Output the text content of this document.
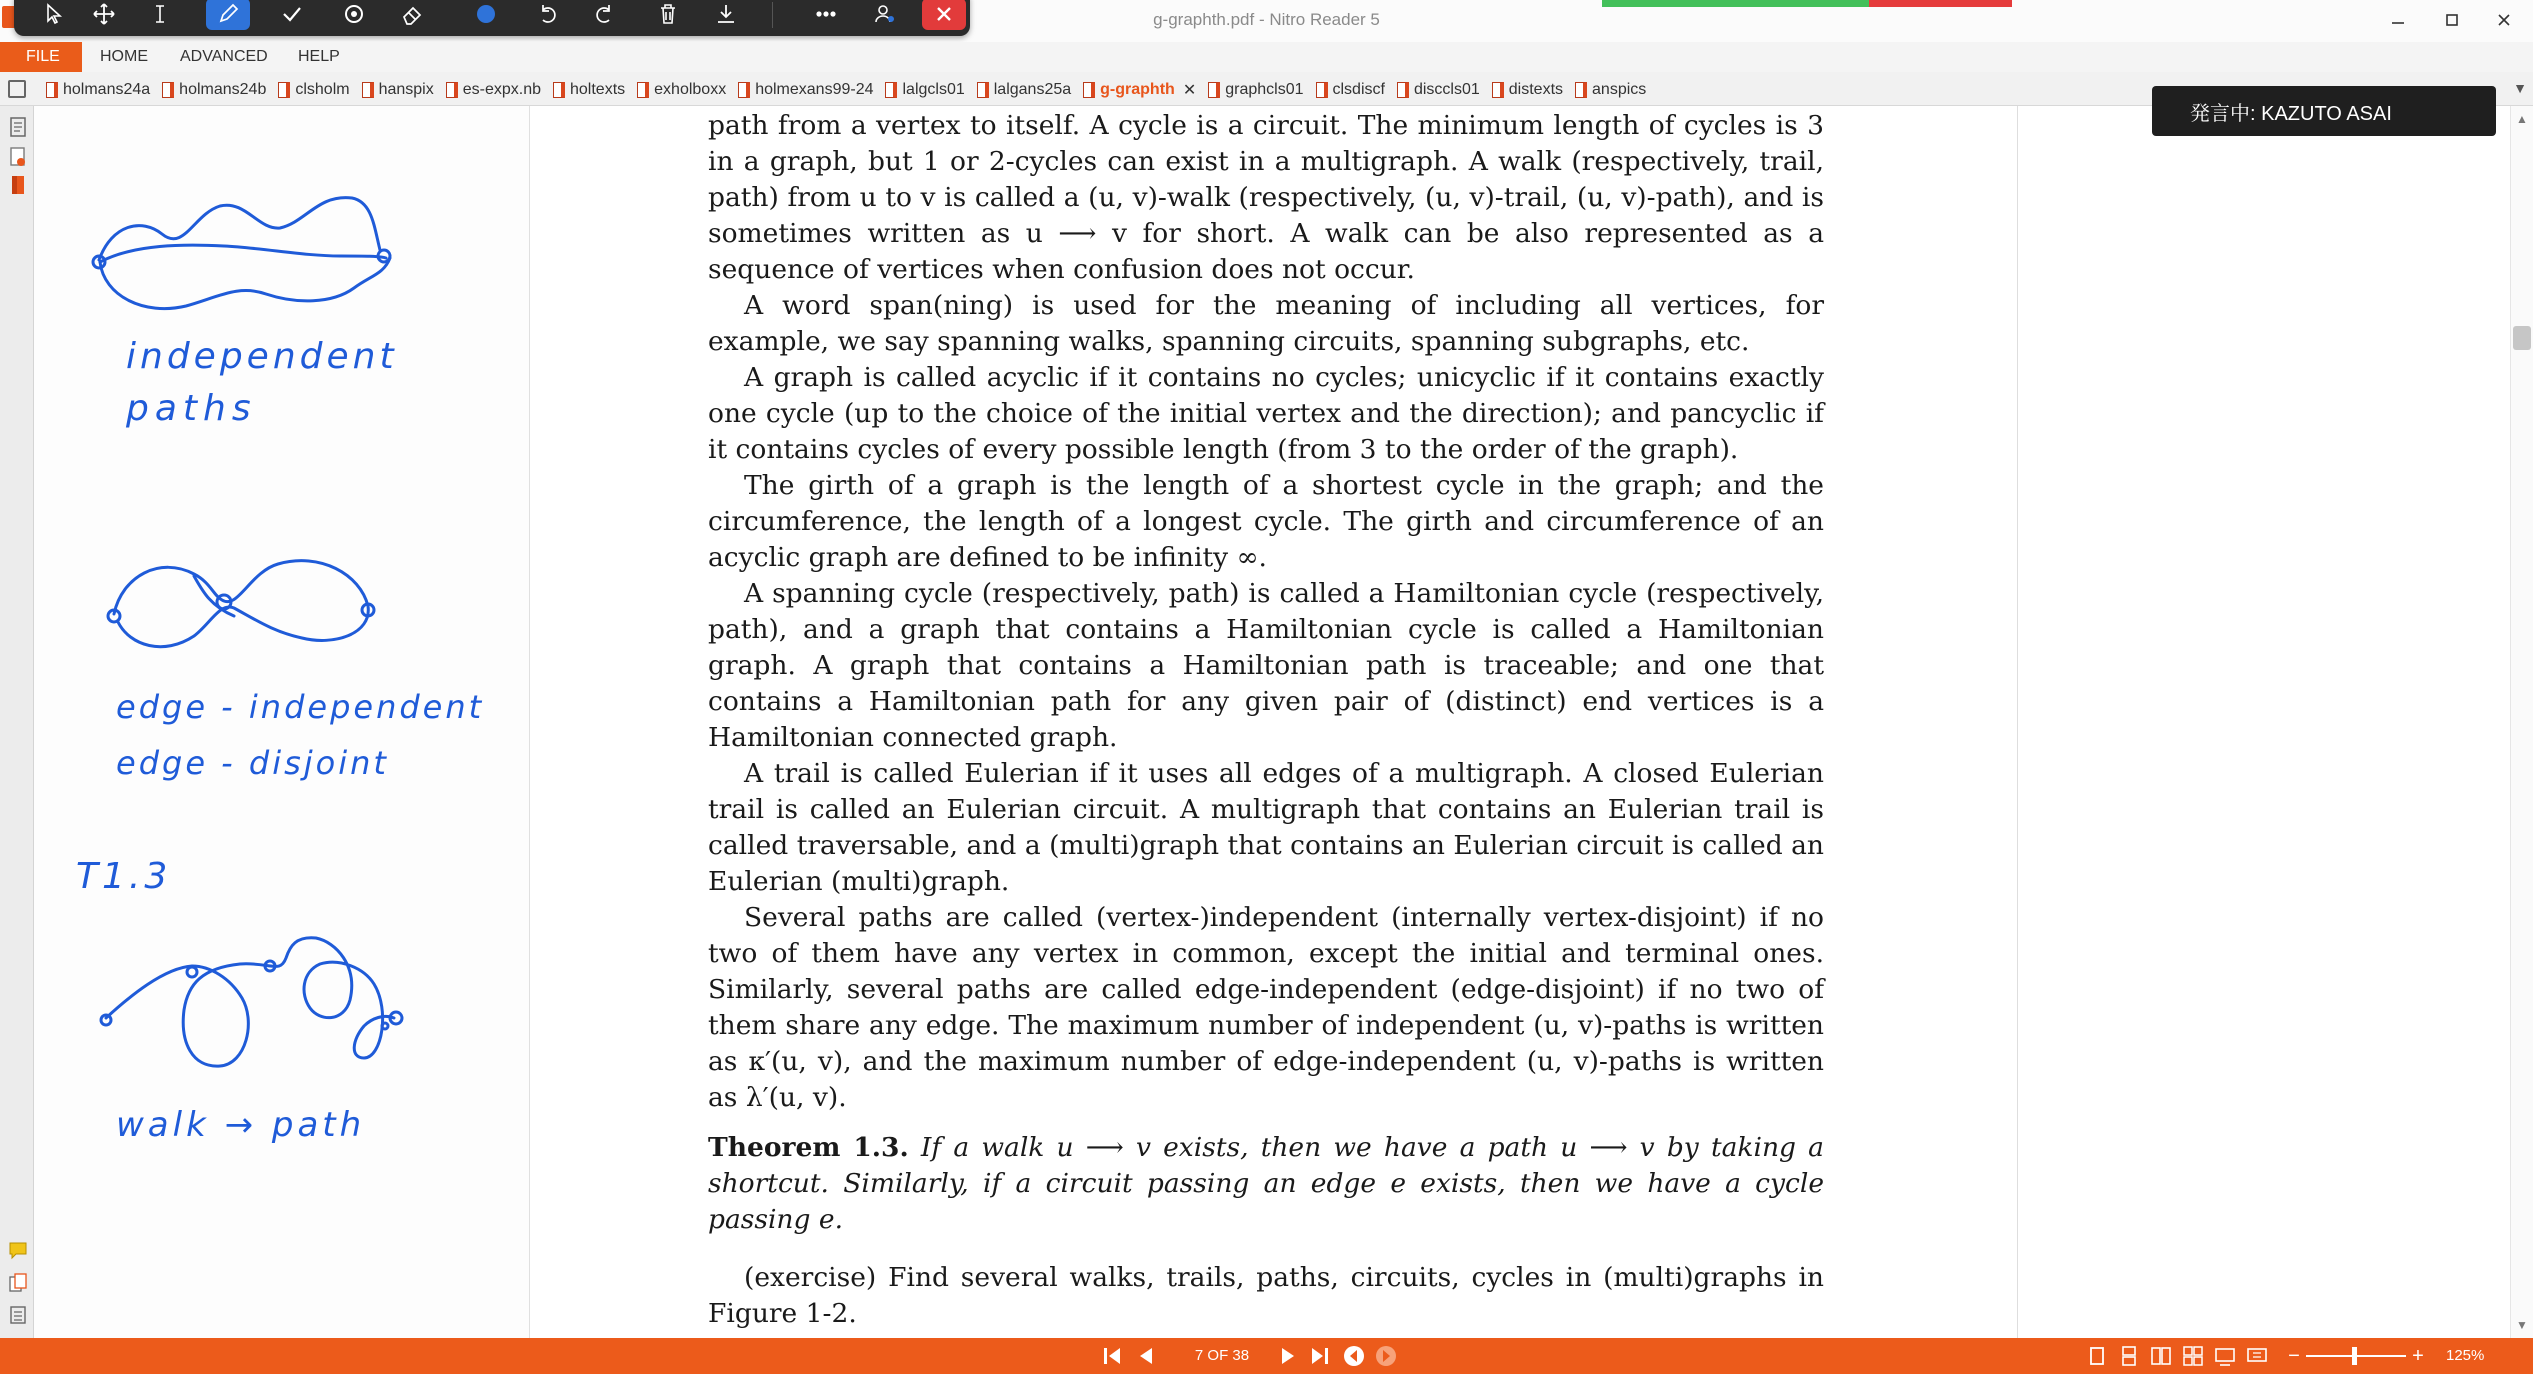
g-graphth.pdf - Nitro Reader 5
FILE	HOME ADVANCED HELP
holmans24a holmans24b clsholm hanspix es-expx.nb holtexts exholboxx holmexans99-24 lalgcls01 lalgans25a g-graphth ✕ graphcls01 clsdiscf disccls01 distexts anspics	▼
independent
paths
edge - independent
edge - disjoint
T1.3
walk → path

path from a vertex to itself. A cycle is a circuit. The minimum length of cycles is 3 in a graph, but 1 or 2-cycles can exist in a multigraph. A walk (respectively, trail, path) from u to v is called a (u, v)-walk (respectively, (u, v)-trail, (u, v)-path), and is sometimes written as u ⟶ v for short. A walk can be also represented as a sequence of vertices when confusion does not occur.

A word span(ning) is used for the meaning of including all vertices, for example, we say spanning walks, spanning circuits, spanning subgraphs, etc.

A graph is called acyclic if it contains no cycles; unicyclic if it contains exactly one cycle (up to the choice of the initial vertex and the direction); and pancyclic if it contains cycles of every possible length (from 3 to the order of the graph).

The girth of a graph is the length of a shortest cycle in the graph; and the circumference, the length of a longest cycle. The girth and circumference of an acyclic graph are defined to be infinity ∞.

A spanning cycle (respectively, path) is called a Hamiltonian cycle (respectively, path), and a graph that contains a Hamiltonian cycle is called a Hamiltonian graph. A graph that contains a Hamiltonian path is traceable; and one that contains a Hamiltonian path for any given pair of (distinct) end vertices is a Hamiltonian connected graph.

A trail is called Eulerian if it uses all edges of a multigraph. A closed Eulerian trail is called an Eulerian circuit. A multigraph that contains an Eulerian trail is called traversable, and a (multi)graph that contains an Eulerian circuit is called an Eulerian (multi)graph.

Several paths are called (vertex-)independent (internally vertex-disjoint) if no two of them have any vertex in common, except the initial and terminal ones. Similarly, several paths are called edge-independent (edge-disjoint) if no two of them share any edge. The maximum number of independent (u, v)-paths is written as κ′(u, v), and the maximum number of edge-independent (u, v)-paths is written as λ′(u, v).

Theorem 1.3. If a walk u ⟶ v exists, then we have a path u ⟶ v by taking a shortcut. Similarly, if a circuit passing an edge e exists, then we have a cycle passing e.

(exercise) Find several walks, trails, paths, circuits, cycles in (multi)graphs in Figure 1-2.

▲
▼
発言中: KAZUTO ASAI
7 OF 38	−	+ 125%
